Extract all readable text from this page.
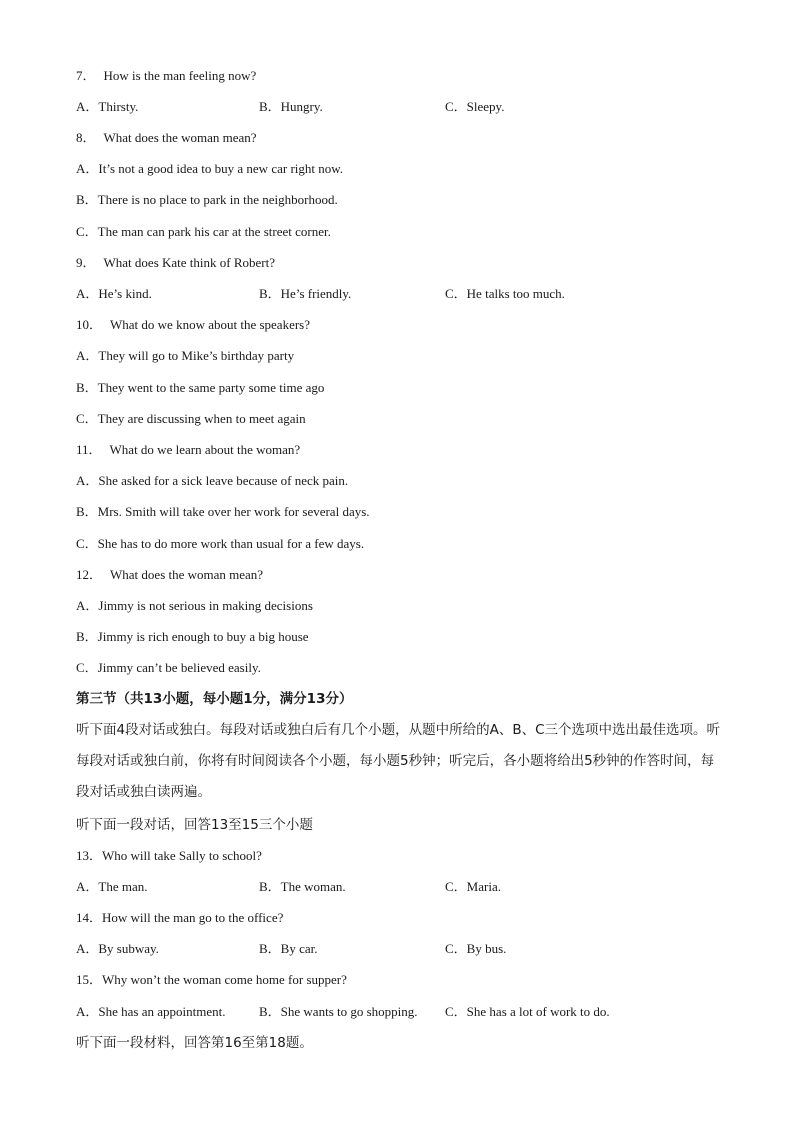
7． How is the man feeling now?
A．Thirsty.	B．Hungry.	C．Sleepy.
8． What does the woman mean?
A．It’s not a good idea to buy a new car right now.
B．There is no place to park in the neighborhood.
C．The man can park his car at the street corner.
9． What does Kate think of Robert?
A．He’s kind.	B．He’s friendly.	C．He talks too much.
10． What do we know about the speakers?
A．They will go to Mike’s birthday party
B．They went to the same party some time ago
C．They are discussing when to meet again
11． What do we learn about the woman?
A．She asked for a sick leave because of neck pain.
B．Mrs. Smith will take over her work for several days.
C．She has to do more work than usual for a few days.
12． What does the woman mean?
A．Jimmy is not serious in making decisions
B．Jimmy is rich enough to buy a big house
C．Jimmy can’t be believed easily.
第三节（共13小题，每小题1分，满分13分）
听下面4段对话或独白。每段对话或独白后有几个小题，从题中所给的A、B、C三个选项中选出最佳选项。听每段对话或独白前，你将有时间阅读各个小题，每小题5秒钟；听完后，各小题将给出5秒钟的作答时间，每段对话或独白读两遍。
听下面一段对话，回答13至15三个小题
13．Who will take Sally to school?
A．The man.	B．The woman.	C．Maria.
14．How will the man go to the office?
A．By subway.	B．By car.	C．By bus.
15．Why won’t the woman come home for supper?
A．She has an appointment.	B．She wants to go shopping. C．She has a lot of work to do.
听下面一段材料，回答第16至第18题。
